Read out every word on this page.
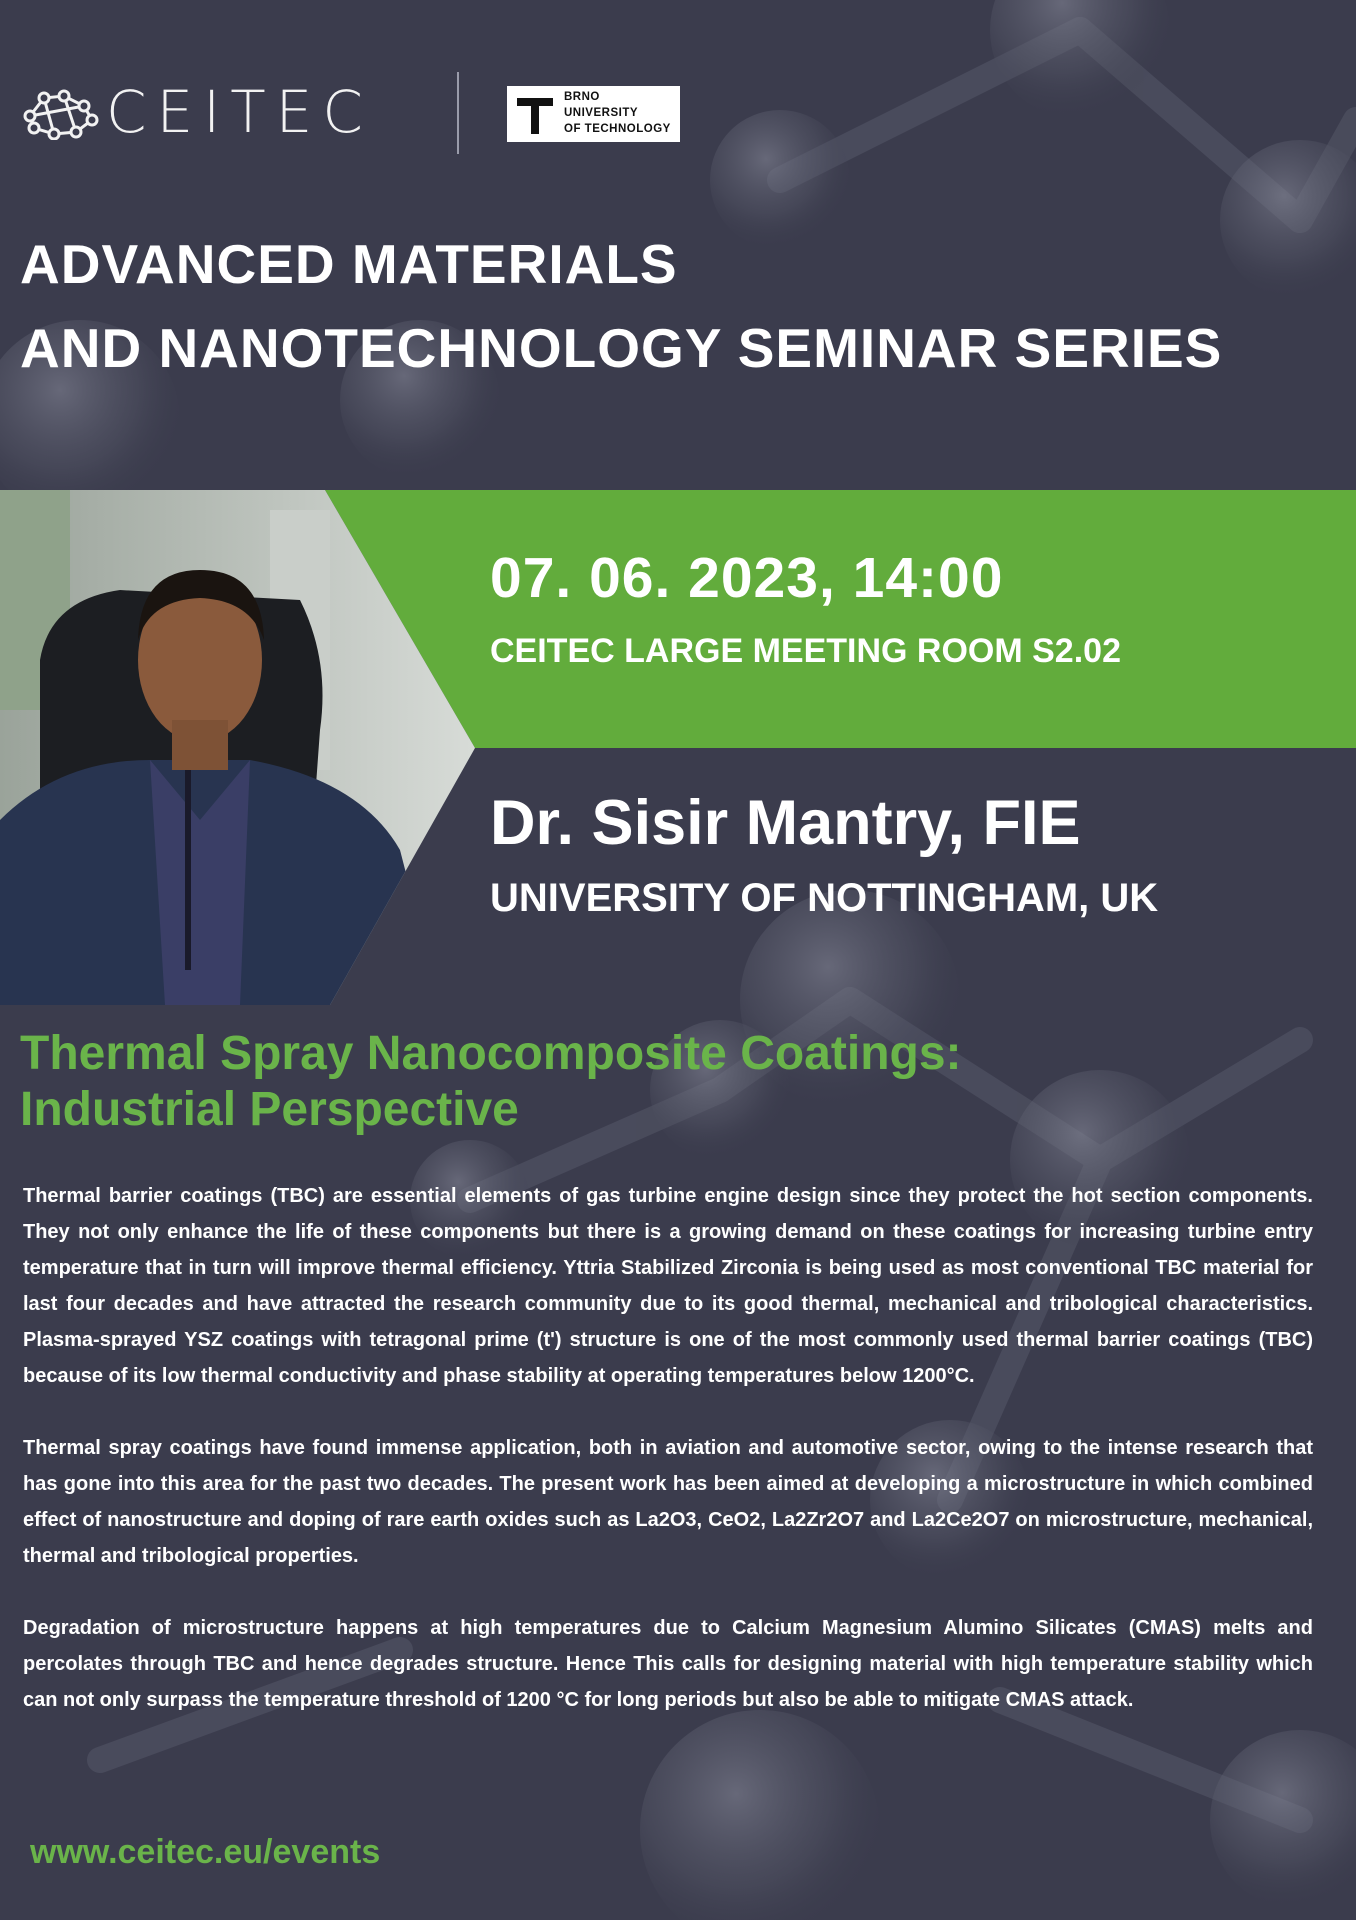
CEITEC	BRNO
UNIVERSITY
OF TECHNOLOGY
ADVANCED MATERIALS
AND NANOTECHNOLOGY SEMINAR SERIES
07. 06. 2023, 14:00
CEITEC LARGE MEETING ROOM S2.02
Dr. Sisir Mantry, FIE
UNIVERSITY OF NOTTINGHAM, UK
Thermal Spray Nanocomposite Coatings:
Industrial Perspective

Thermal barrier coatings (TBC) are essential elements of gas turbine engine design since they protect the hot section components. They not only enhance the life of these components but there is a growing demand on these coatings for increasing turbine entry temperature that in turn will improve thermal efficiency. Yttria Stabilized Zirconia is being used as most conventional TBC material for last four decades and have attracted the research community due to its good thermal, mechanical and tribological characteristics. Plasma-sprayed YSZ coatings with tetragonal prime (t') structure is one of the most commonly used thermal barrier coatings (TBC) because of its low thermal conductivity and phase stability at operating temperatures below 1200°C.

Thermal spray coatings have found immense application, both in aviation and automotive sector, owing to the intense research that has gone into this area for the past two decades. The present work has been aimed at developing a microstructure in which combined effect of nanostructure and doping of rare earth oxides such as La2O3, CeO2, La2Zr2O7 and La2Ce2O7 on microstructure, mechanical, thermal and tribological properties.

Degradation of microstructure happens at high temperatures due to Calcium Magnesium Alumino Silicates (CMAS) melts and percolates through TBC and hence degrades structure. Hence This calls for designing material with high temperature stability which can not only surpass the temperature threshold of 1200 °C for long periods but also be able to mitigate CMAS attack.

www.ceitec.eu/events
